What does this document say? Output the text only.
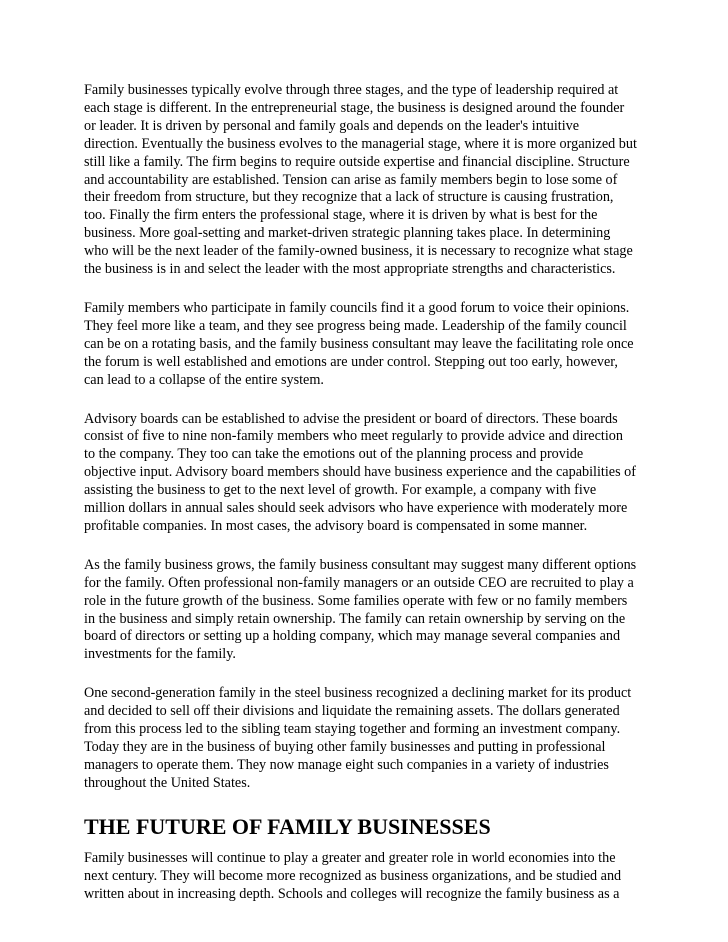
Family businesses typically evolve through three stages, and the type of leadership required at
each stage is different. In the entrepreneurial stage, the business is designed around the founder
or leader. It is driven by personal and family goals and depends on the leader's intuitive
direction. Eventually the business evolves to the managerial stage, where it is more organized but
still like a family. The firm begins to require outside expertise and financial discipline. Structure
and accountability are established. Tension can arise as family members begin to lose some of
their freedom from structure, but they recognize that a lack of structure is causing frustration,
too. Finally the firm enters the professional stage, where it is driven by what is best for the
business. More goal-setting and market-driven strategic planning takes place. In determining
who will be the next leader of the family-owned business, it is necessary to recognize what stage
the business is in and select the leader with the most appropriate strengths and characteristics.

Family members who participate in family councils find it a good forum to voice their opinions.
They feel more like a team, and they see progress being made. Leadership of the family council
can be on a rotating basis, and the family business consultant may leave the facilitating role once
the forum is well established and emotions are under control. Stepping out too early, however,
can lead to a collapse of the entire system.

Advisory boards can be established to advise the president or board of directors. These boards
consist of five to nine non-family members who meet regularly to provide advice and direction
to the company. They too can take the emotions out of the planning process and provide
objective input. Advisory board members should have business experience and the capabilities of
assisting the business to get to the next level of growth. For example, a company with five
million dollars in annual sales should seek advisors who have experience with moderately more
profitable companies. In most cases, the advisory board is compensated in some manner.

As the family business grows, the family business consultant may suggest many different options
for the family. Often professional non-family managers or an outside CEO are recruited to play a
role in the future growth of the business. Some families operate with few or no family members
in the business and simply retain ownership. The family can retain ownership by serving on the
board of directors or setting up a holding company, which may manage several companies and
investments for the family.

One second-generation family in the steel business recognized a declining market for its product
and decided to sell off their divisions and liquidate the remaining assets. The dollars generated
from this process led to the sibling team staying together and forming an investment company.
Today they are in the business of buying other family businesses and putting in professional
managers to operate them. They now manage eight such companies in a variety of industries
throughout the United States.

THE FUTURE OF FAMILY BUSINESSES

Family businesses will continue to play a greater and greater role in world economies into the
next century. They will become more recognized as business organizations, and be studied and
written about in increasing depth. Schools and colleges will recognize the family business as a
